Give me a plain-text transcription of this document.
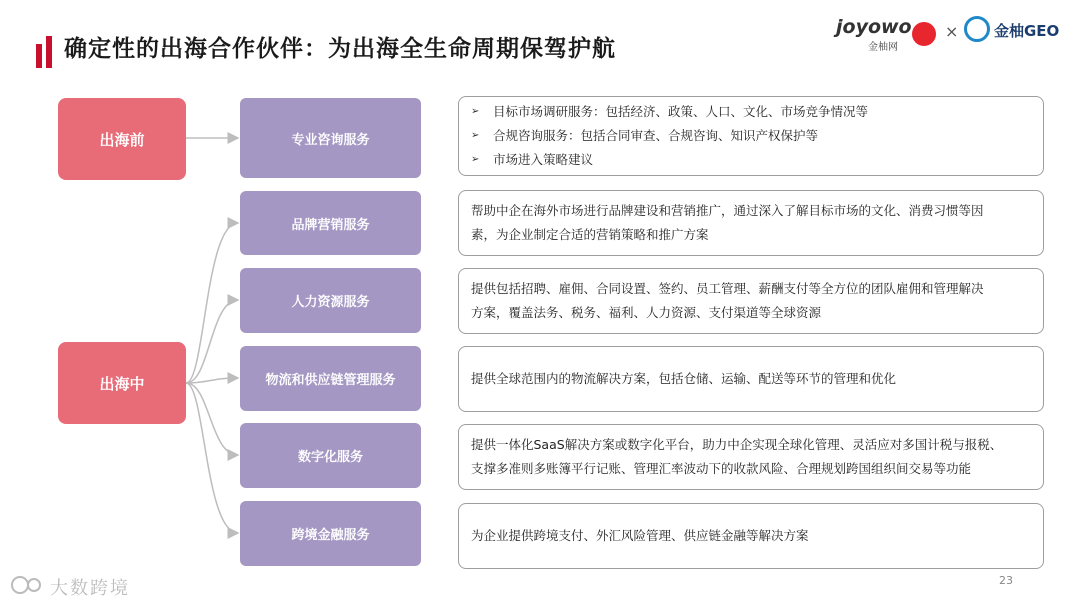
确定性的出海合作伙伴：为出海全生命周期保驾护航
joyowo
金柚网
× 金柚GEO
出海前
出海中
专业咨询服务
品牌营销服务
人力资源服务
物流和供应链管理服务
数字化服务
跨境金融服务
➢	目标市场调研服务：包括经济、政策、人口、文化、市场竞争情况等
➢	合规咨询服务：包括合同审查、合规咨询、知识产权保护等
➢	市场进入策略建议
帮助中企在海外市场进行品牌建设和营销推广，通过深入了解目标市场的文化、消费习惯等因
素，为企业制定合适的营销策略和推广方案
提供包括招聘、雇佣、合同设置、签约、员工管理、薪酬支付等全方位的团队雇佣和管理解决
方案，覆盖法务、税务、福利、人力资源、支付渠道等全球资源
提供全球范围内的物流解决方案，包括仓储、运输、配送等环节的管理和优化
提供一体化SaaS解决方案或数字化平台，助力中企实现全球化管理、灵活应对多国计税与报税、
支撑多准则多账簿平行记账、管理汇率波动下的收款风险、合理规划跨国组织间交易等功能
为企业提供跨境支付、外汇风险管理、供应链金融等解决方案
大数跨境	23
